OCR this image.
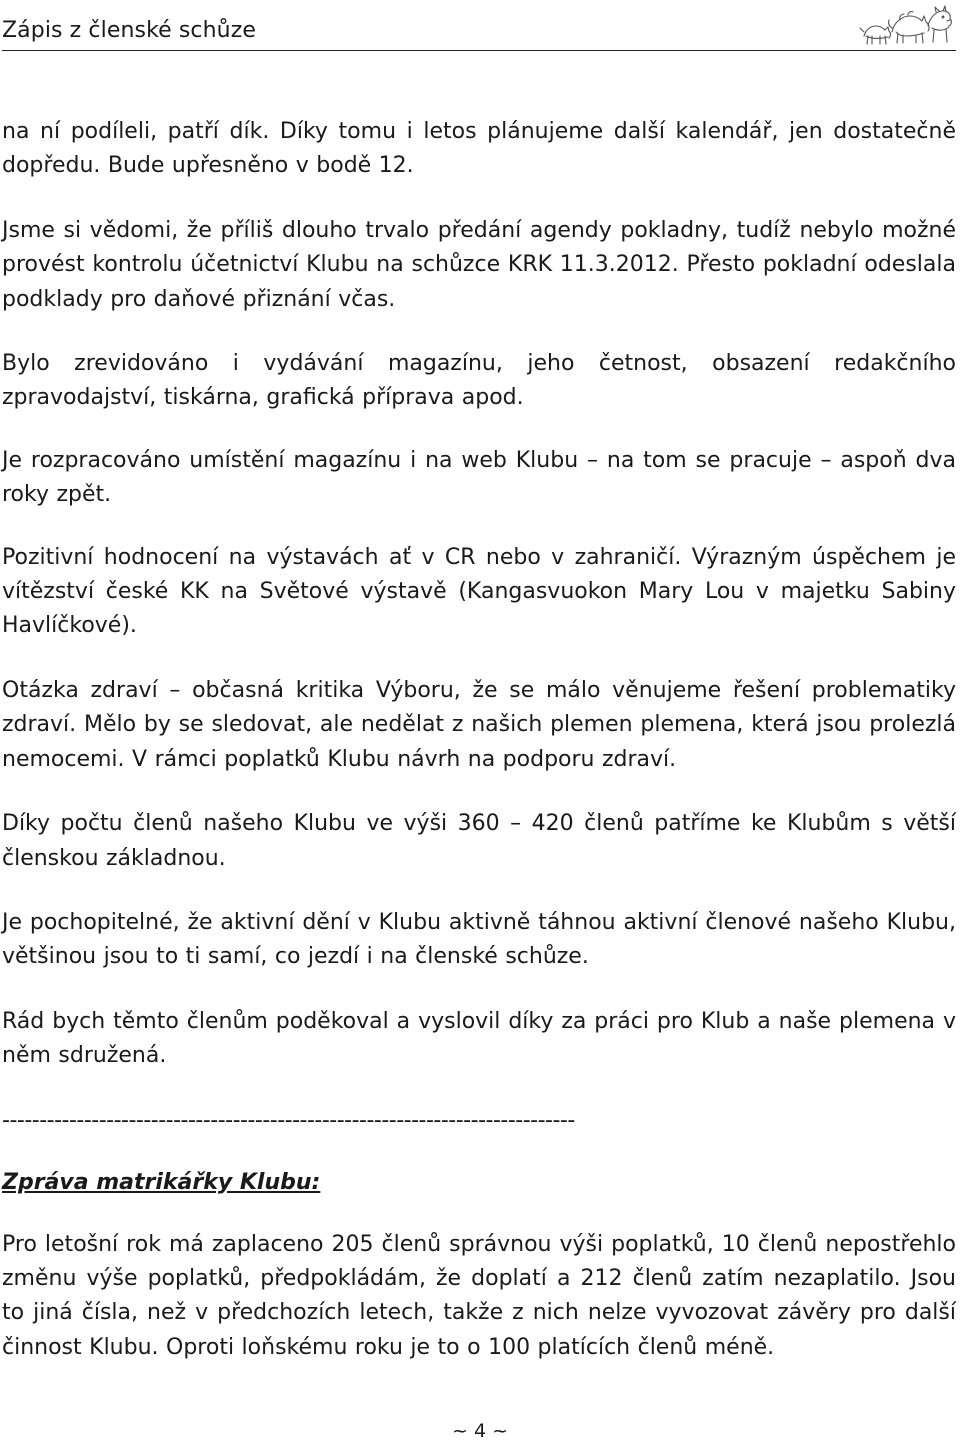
Zápis z členské schůze

na ní podíleli, patří dík. Díky tomu i letos plánujeme další kalendář, jen dostatečně dopředu. Bude upřesněno v bodě 12.

Jsme si vědomi, že příliš dlouho trvalo předání agendy pokladny, tudíž nebylo možné provést kontrolu účetnictví Klubu na schůzce KRK 11.3.2012. Přesto pokladní odeslala podklady pro daňové přiznání včas.

Bylo zrevidováno i vydávání magazínu, jeho četnost, obsazení redakčního zpravodajství, tiskárna, grafická příprava apod.

Je rozpracováno umístění magazínu i na web Klubu – na tom se pracuje – aspoň dva roky zpět.

Pozitivní hodnocení na výstavách ať v CR nebo v zahraničí. Výrazným úspěchem je vítězství české KK na Světové výstavě (Kangasvuokon Mary Lou v majetku Sabiny Havlíčkové).

Otázka zdraví – občasná kritika Výboru, že se málo věnujeme řešení problematiky zdraví. Mělo by se sledovat, ale nedělat z našich plemen plemena, která jsou prolezlá nemocemi. V rámci poplatků Klubu návrh na podporu zdraví.

Díky počtu členů našeho Klubu ve výši 360 – 420 členů patříme ke Klubům s větší členskou základnou.

Je pochopitelné, že aktivní dění v Klubu aktivně táhnou aktivní členové našeho Klubu, většinou jsou to ti samí, co jezdí i na členské schůze.

Rád bych těmto členům poděkoval a vyslovil díky za práci pro Klub a naše plemena v něm sdružená.

-----------------------------------------------------------------------------

Zpráva matrikářky Klubu:

Pro letošní rok má zaplaceno 205 členů správnou výši poplatků, 10 členů nepostřehlo změnu výše poplatků, předpokládám, že doplatí a 212 členů zatím nezaplatilo. Jsou to jiná čísla, než v předchozích letech, takže z nich nelze vyvozovat závěry pro další činnost Klubu. Oproti loňskému roku je to o 100 platících členů méně.

~ 4 ~
